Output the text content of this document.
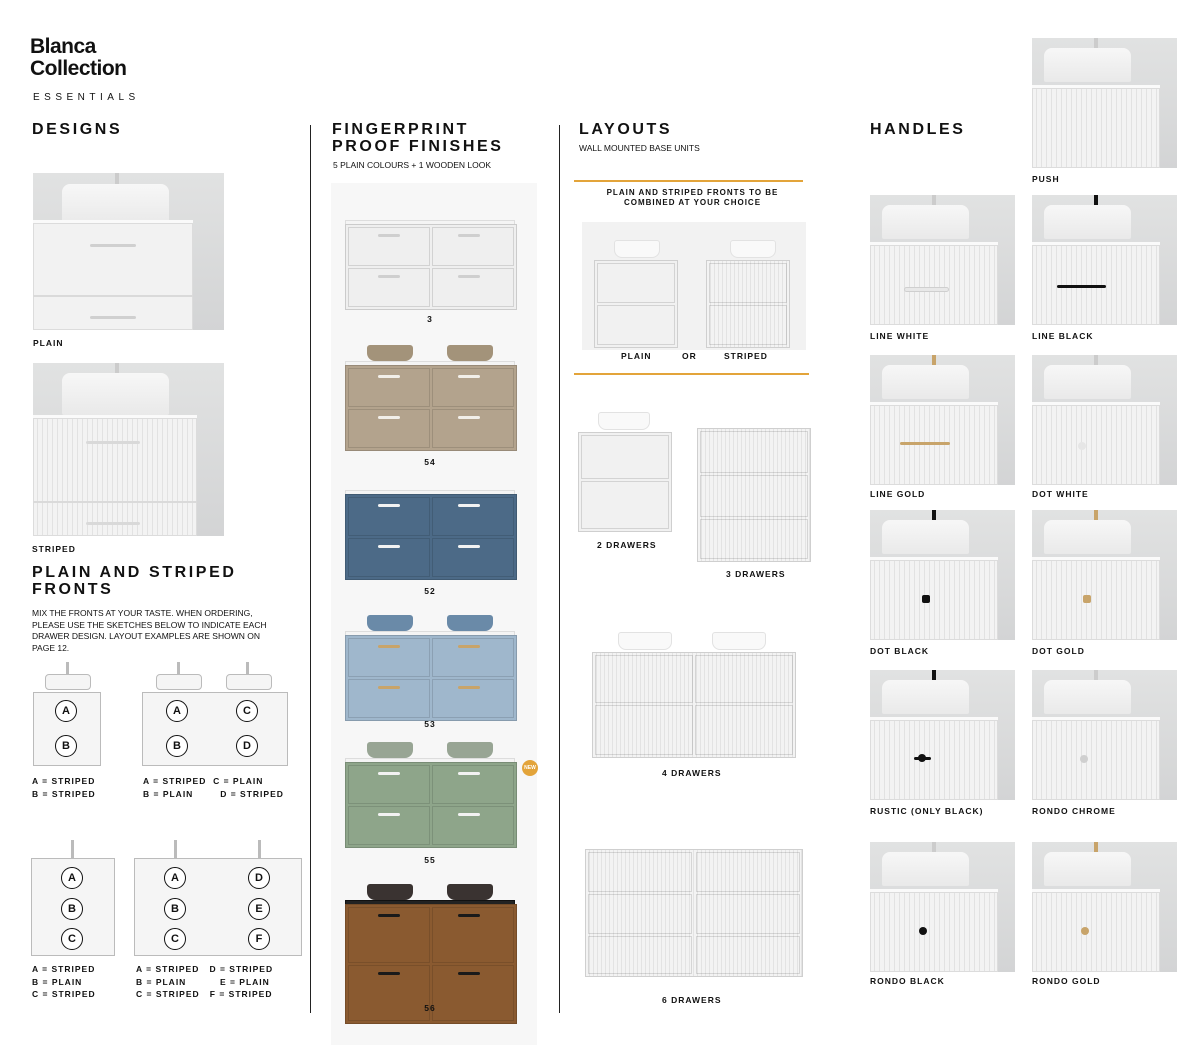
Blanca
Collection
ESSENTIALS
DESIGNS
PLAIN
STRIPED
PLAIN AND STRIPED
FRONTS
MIX THE FRONTS AT YOUR TASTE. WHEN ORDERING, PLEASE USE THE SKETCHES BELOW TO INDICATE EACH DRAWER DESIGN. LAYOUT EXAMPLES ARE SHOWN ON PAGE 12.
A
B
A = STRIPED
B = STRIPED
A
B
C
D
A = STRIPED C = PLAIN
B = PLAIN	D = STRIPED
A
B
C
A = STRIPED
B = PLAIN
C = STRIPED
A
B
C
D
E
F
A = STRIPED D = STRIPED
B = PLAIN	E = PLAIN
C = STRIPED F = STRIPED
FINGERPRINT
PROOF FINISHES
5 PLAIN COLOURS + 1 WOODEN LOOK
3
54
52
53
55
56
NEW
LAYOUTS
WALL MOUNTED BASE UNITS
PLAIN AND STRIPED FRONTS TO BE COMBINED AT YOUR CHOICE
PLAIN	OR	STRIPED
2 DRAWERS
3 DRAWERS
4 DRAWERS
6 DRAWERS
HANDLES
PUSH
LINE WHITE	LINE BLACK
LINE GOLD	DOT WHITE
DOT BLACK	DOT GOLD
RUSTIC (ONLY BLACK)	RONDO CHROME
RONDO BLACK	RONDO GOLD
